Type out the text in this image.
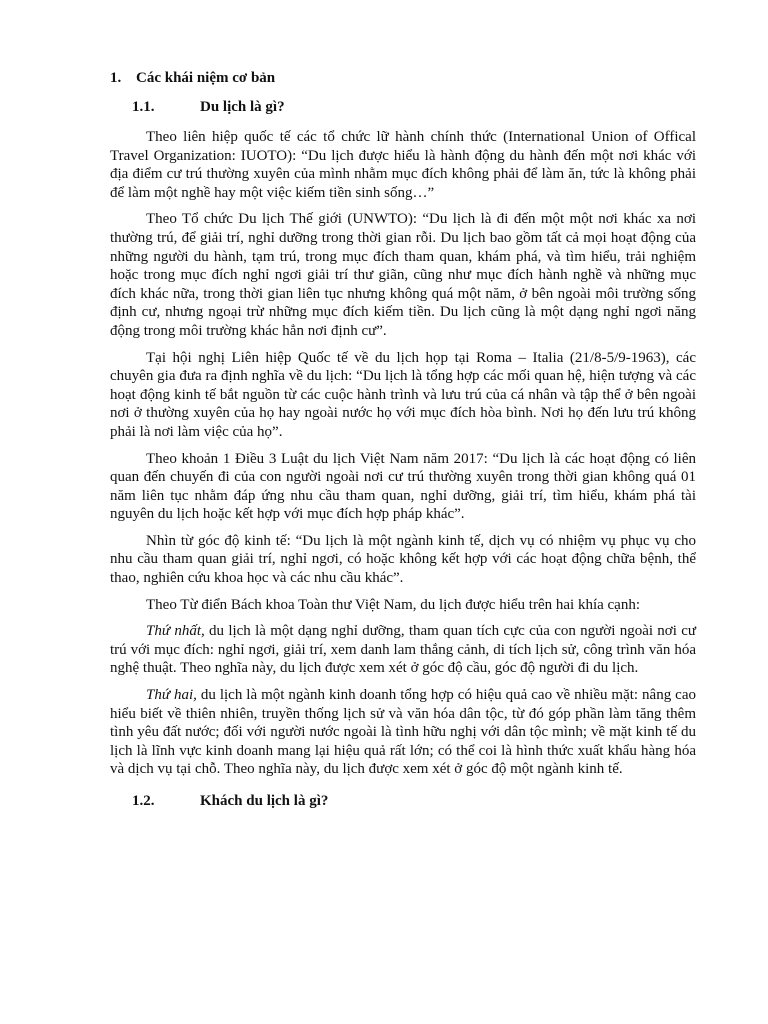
1. Các khái niệm cơ bản
1.1.	Du lịch là gì?

Theo liên hiệp quốc tế các tổ chức lữ hành chính thức (International Union of Offical Travel Organization: IUOTO): “Du lịch được hiểu là hành động du hành đến một nơi khác với địa điểm cư trú thường xuyên của mình nhằm mục đích không phải để làm ăn, tức là không phải để làm một nghề hay một việc kiếm tiền sinh sống…”

Theo Tổ chức Du lịch Thế giới (UNWTO): “Du lịch là đi đến một một nơi khác xa nơi thường trú, để giải trí, nghỉ dưỡng trong thời gian rỗi. Du lịch bao gồm tất cả mọi hoạt động của những người du hành, tạm trú, trong mục đích tham quan, khám phá, và tìm hiểu, trải nghiệm hoặc trong mục đích nghỉ ngơi giải trí thư giãn, cũng như mục đích hành nghề và những mục đích khác nữa, trong thời gian liên tục nhưng không quá một năm, ở bên ngoài môi trường sống định cư, nhưng ngoại trừ những mục đích kiếm tiền. Du lịch cũng là một dạng nghỉ ngơi năng động trong môi trường khác hẳn nơi định cư”.

Tại hội nghị Liên hiệp Quốc tế về du lịch họp tại Roma – Italia (21/8-5/9-1963), các chuyên gia đưa ra định nghĩa về du lịch: “Du lịch là tổng hợp các mối quan hệ, hiện tượng và các hoạt động kinh tế bắt nguồn từ các cuộc hành trình và lưu trú của cá nhân và tập thể ở bên ngoài nơi ở thường xuyên của họ hay ngoài nước họ với mục đích hòa bình. Nơi họ đến lưu trú không phải là nơi làm việc của họ”.

Theo khoản 1 Điều 3 Luật du lịch Việt Nam năm 2017: “Du lịch là các hoạt động có liên quan đến chuyến đi của con người ngoài nơi cư trú thường xuyên trong thời gian không quá 01 năm liên tục nhằm đáp ứng nhu cầu tham quan, nghỉ dưỡng, giải trí, tìm hiểu, khám phá tài nguyên du lịch hoặc kết hợp với mục đích hợp pháp khác”.

Nhìn từ góc độ kinh tế: “Du lịch là một ngành kinh tế, dịch vụ có nhiệm vụ phục vụ cho nhu cầu tham quan giải trí, nghỉ ngơi, có hoặc không kết hợp với các hoạt động chữa bệnh, thể thao, nghiên cứu khoa học và các nhu cầu khác”.

Theo Từ điển Bách khoa Toàn thư Việt Nam, du lịch được hiểu trên hai khía cạnh:

Thứ nhất, du lịch là một dạng nghỉ dưỡng, tham quan tích cực của con người ngoài nơi cư trú với mục đích: nghỉ ngơi, giải trí, xem danh lam thắng cảnh, di tích lịch sử, công trình văn hóa nghệ thuật. Theo nghĩa này, du lịch được xem xét ở góc độ cầu, góc độ người đi du lịch.

Thứ hai, du lịch là một ngành kinh doanh tổng hợp có hiệu quả cao về nhiều mặt: nâng cao hiểu biết về thiên nhiên, truyền thống lịch sử và văn hóa dân tộc, từ đó góp phần làm tăng thêm tình yêu đất nước; đối với người nước ngoài là tình hữu nghị với dân tộc mình; về mặt kinh tế du lịch là lĩnh vực kinh doanh mang lại hiệu quả rất lớn; có thể coi là hình thức xuất khẩu hàng hóa và dịch vụ tại chỗ. Theo nghĩa này, du lịch được xem xét ở góc độ một ngành kinh tế.

1.2.	Khách du lịch là gì?
